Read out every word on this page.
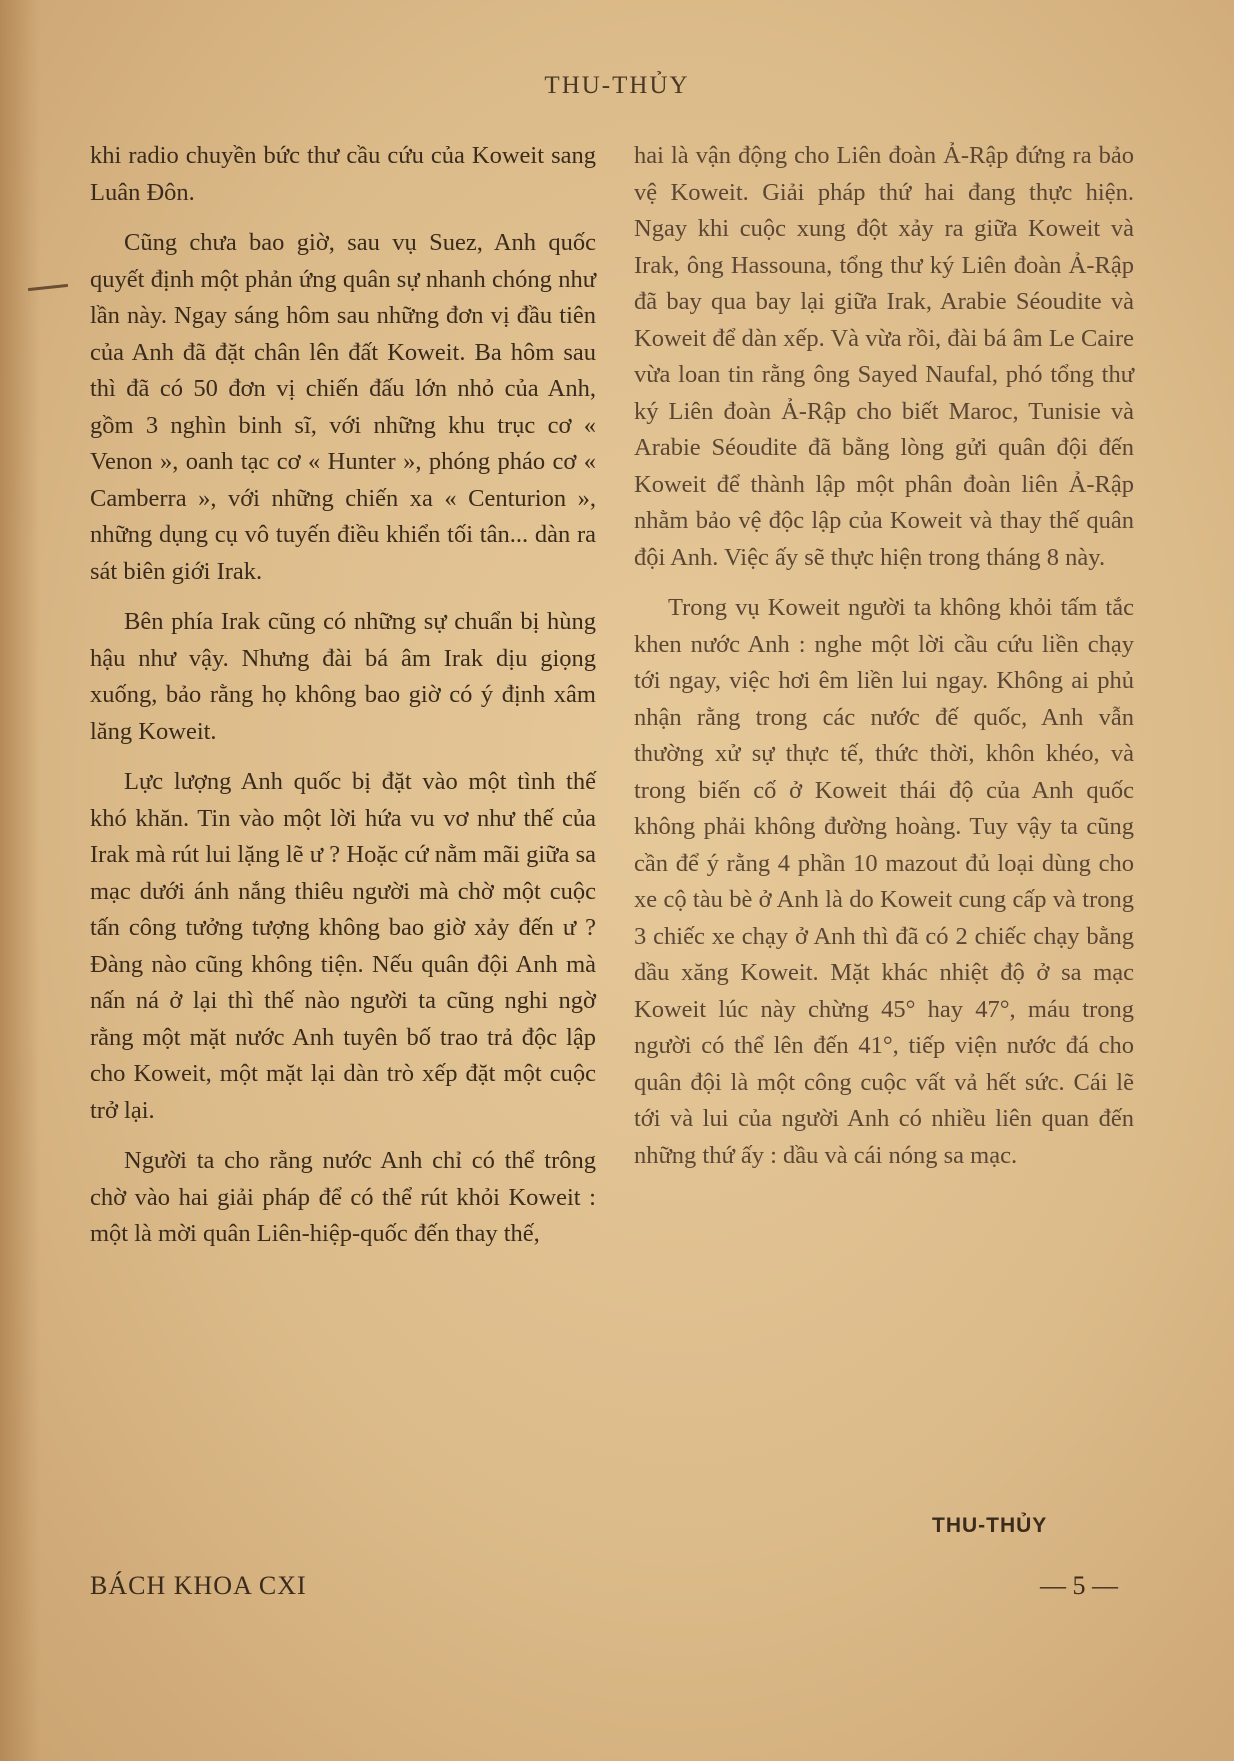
THU-THỦY

khi radio chuyền bức thư cầu cứu của Koweit sang Luân Đôn.

Cũng chưa bao giờ, sau vụ Suez, Anh quốc quyết định một phản ứng quân sự nhanh chóng như lần này. Ngay sáng hôm sau những đơn vị đầu tiên của Anh đã đặt chân lên đất Koweit. Ba hôm sau thì đã có 50 đơn vị chiến đấu lớn nhỏ của Anh, gồm 3 nghìn binh sĩ, với những khu trục cơ « Venon », oanh tạc cơ « Hunter », phóng pháo cơ « Camberra », với những chiến xa « Centurion », những dụng cụ vô tuyến điều khiển tối tân... dàn ra sát biên giới Irak.

Bên phía Irak cũng có những sự chuẩn bị hùng hậu như vậy. Nhưng đài bá âm Irak dịu giọng xuống, bảo rằng họ không bao giờ có ý định xâm lăng Koweit.

Lực lượng Anh quốc bị đặt vào một tình thế khó khăn. Tin vào một lời hứa vu vơ như thế của Irak mà rút lui lặng lẽ ư ? Hoặc cứ nằm mãi giữa sa mạc dưới ánh nắng thiêu người mà chờ một cuộc tấn công tưởng tượng không bao giờ xảy đến ư ? Đàng nào cũng không tiện. Nếu quân đội Anh mà nấn ná ở lại thì thế nào người ta cũng nghi ngờ rằng một mặt nước Anh tuyên bố trao trả độc lập cho Koweit, một mặt lại dàn trò xếp đặt một cuộc trở lại.

Người ta cho rằng nước Anh chỉ có thể trông chờ vào hai giải pháp để có thể rút khỏi Koweit : một là mời quân Liên-hiệp-quốc đến thay thế,

hai là vận động cho Liên đoàn Ả-Rập đứng ra bảo vệ Koweit. Giải pháp thứ hai đang thực hiện. Ngay khi cuộc xung đột xảy ra giữa Koweit và Irak, ông Hassouna, tổng thư ký Liên đoàn Ả-Rập đã bay qua bay lại giữa Irak, Arabie Séoudite và Koweit để dàn xếp. Và vừa rồi, đài bá âm Le Caire vừa loan tin rằng ông Sayed Naufal, phó tổng thư ký Liên đoàn Ả-Rập cho biết Maroc, Tunisie và Arabie Séoudite đã bằng lòng gửi quân đội đến Koweit để thành lập một phân đoàn liên Ả-Rập nhằm bảo vệ độc lập của Koweit và thay thế quân đội Anh. Việc ấy sẽ thực hiện trong tháng 8 này.

Trong vụ Koweit người ta không khỏi tấm tắc khen nước Anh : nghe một lời cầu cứu liền chạy tới ngay, việc hơi êm liền lui ngay. Không ai phủ nhận rằng trong các nước đế quốc, Anh vẫn thường xử sự thực tế, thức thời, khôn khéo, và trong biến cố ở Koweit thái độ của Anh quốc không phải không đường hoàng. Tuy vậy ta cũng cần để ý rằng 4 phần 10 mazout đủ loại dùng cho xe cộ tàu bè ở Anh là do Koweit cung cấp và trong 3 chiếc xe chạy ở Anh thì đã có 2 chiếc chạy bằng dầu xăng Koweit. Mặt khác nhiệt độ ở sa mạc Koweit lúc này chừng 45° hay 47°, máu trong người có thể lên đến 41°, tiếp viện nước đá cho quân đội là một công cuộc vất vả hết sức. Cái lẽ tới và lui của người Anh có nhiều liên quan đến những thứ ấy : dầu và cái nóng sa mạc.

THU-THỦY
BÁCH KHOA CXI	— 5 —
